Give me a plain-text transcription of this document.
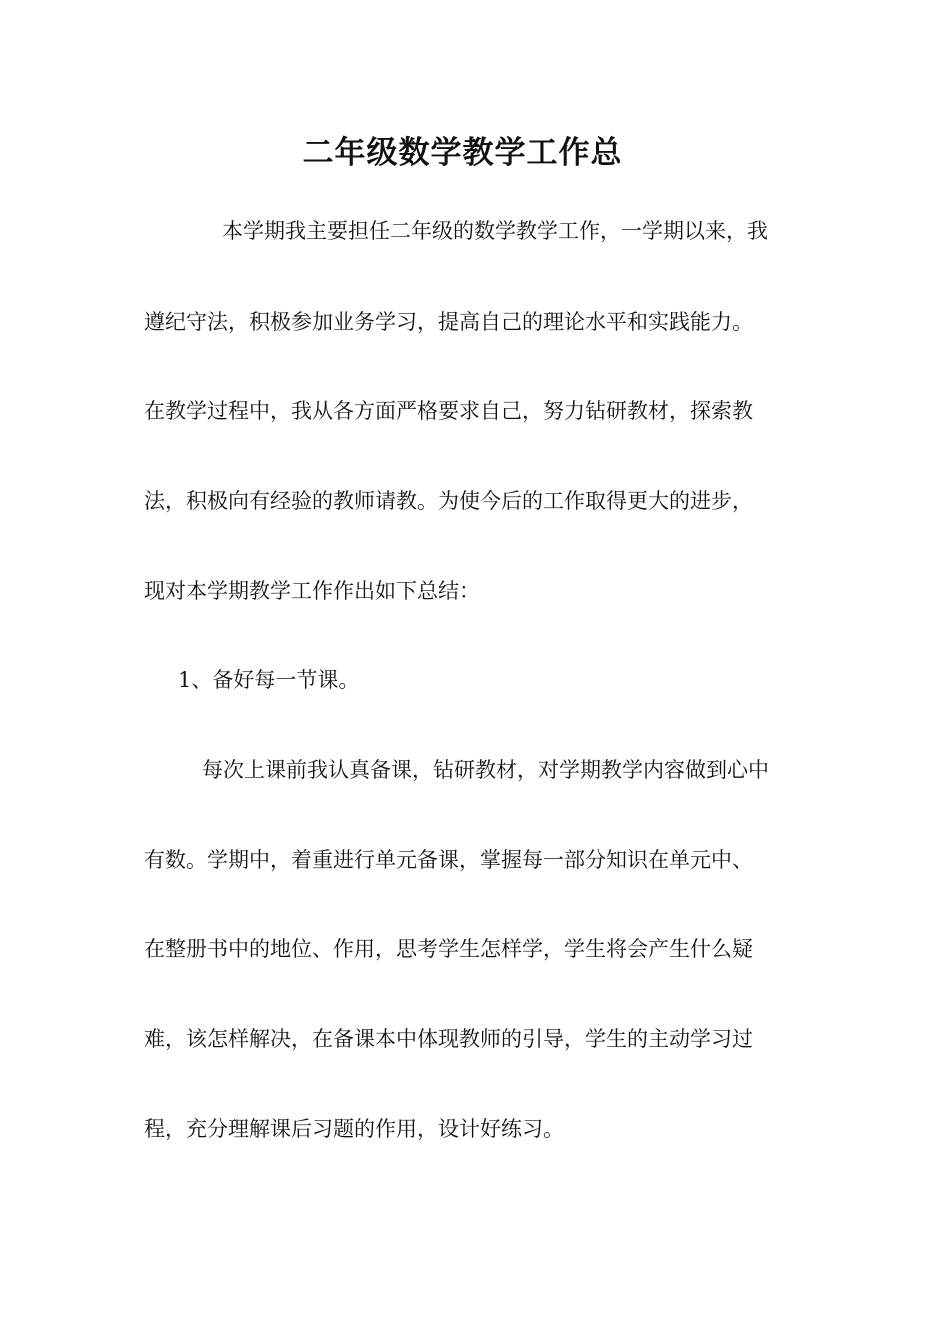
二年级数学教学工作总
本学期我主要担任二年级的数学教学工作，一学期以来，我
遵纪守法，积极参加业务学习，提高自己的理论水平和实践能力。
在教学过程中，我从各方面严格要求自己，努力钻研教材，探索教
法，积极向有经验的教师请教。为使今后的工作取得更大的进步，
现对本学期教学工作作出如下总结：
1、备好每一节课。
每次上课前我认真备课，钻研教材，对学期教学内容做到心中
有数。学期中，着重进行单元备课，掌握每一部分知识在单元中、
在整册书中的地位、作用，思考学生怎样学，学生将会产生什么疑
难，该怎样解决，在备课本中体现教师的引导，学生的主动学习过
程，充分理解课后习题的作用，设计好练习。
